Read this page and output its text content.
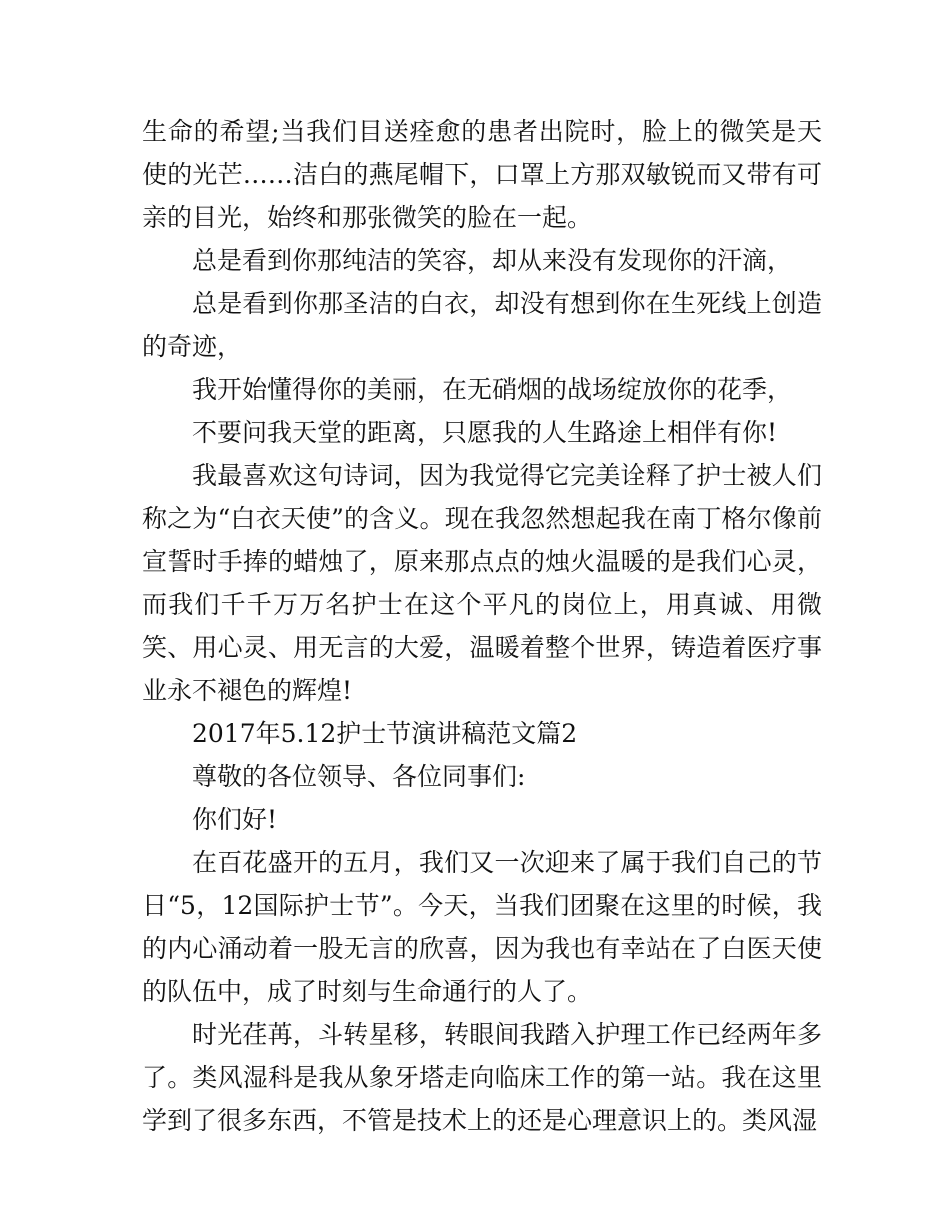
生命的希望;当我们目送痊愈的患者出院时，脸上的微笑是天使的光芒……洁白的燕尾帽下，口罩上方那双敏锐而又带有可亲的目光，始终和那张微笑的脸在一起。

总是看到你那纯洁的笑容，却从来没有发现你的汗滴，

总是看到你那圣洁的白衣，却没有想到你在生死线上创造的奇迹，

我开始懂得你的美丽，在无硝烟的战场绽放你的花季，

不要问我天堂的距离，只愿我的人生路途上相伴有你!

我最喜欢这句诗词，因为我觉得它完美诠释了护士被人们称之为“白衣天使”的含义。现在我忽然想起我在南丁格尔像前宣誓时手捧的蜡烛了，原来那点点的烛火温暖的是我们心灵，而我们千千万万名护士在这个平凡的岗位上，用真诚、用微笑、用心灵、用无言的大爱，温暖着整个世界，铸造着医疗事业永不褪色的辉煌!

2017年5.12护士节演讲稿范文篇2

尊敬的各位领导、各位同事们:

你们好!

在百花盛开的五月，我们又一次迎来了属于我们自己的节日“5，12国际护士节”。今天，当我们团聚在这里的时候，我的内心涌动着一股无言的欣喜，因为我也有幸站在了白医天使的队伍中，成了时刻与生命通行的人了。

时光荏苒，斗转星移，转眼间我踏入护理工作已经两年多了。类风湿科是我从象牙塔走向临床工作的第一站。我在这里学到了很多东西，不管是技术上的还是心理意识上的。类风湿
